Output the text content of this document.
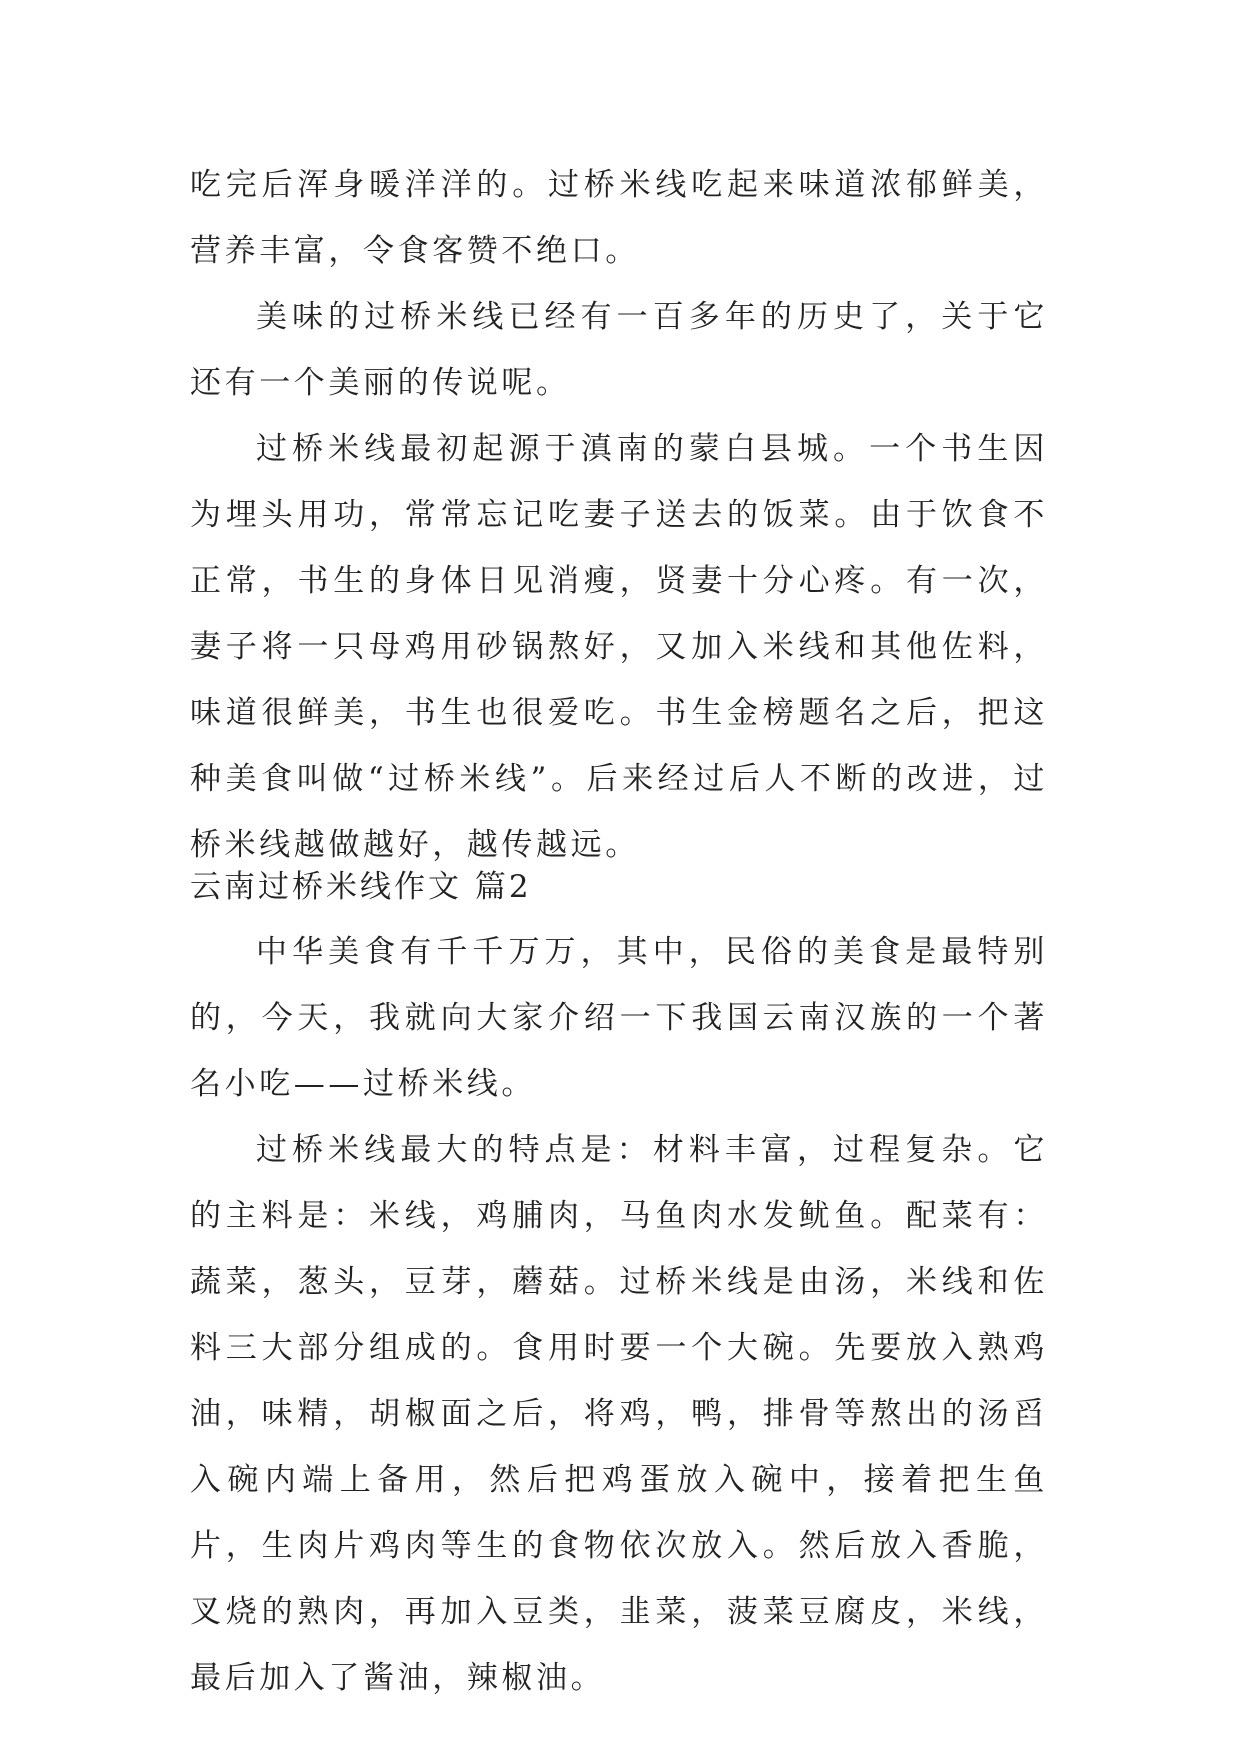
吃完后浑身暖洋洋的。过桥米线吃起来味道浓郁鲜美，营养丰富，令食客赞不绝口。

美味的过桥米线已经有一百多年的历史了，关于它还有一个美丽的传说呢。

过桥米线最初起源于滇南的蒙白县城。一个书生因为埋头用功，常常忘记吃妻子送去的饭菜。由于饮食不正常，书生的身体日见消瘦，贤妻十分心疼。有一次，妻子将一只母鸡用砂锅熬好，又加入米线和其他佐料，味道很鲜美，书生也很爱吃。书生金榜题名之后，把这种美食叫做“过桥米线”。后来经过后人不断的改进，过桥米线越做越好，越传越远。

云南过桥米线作文 篇2

中华美食有千千万万，其中，民俗的美食是最特别的，今天，我就向大家介绍一下我国云南汉族的一个著名小吃——过桥米线。

过桥米线最大的特点是：材料丰富，过程复杂。它的主料是：米线，鸡脯肉，马鱼肉水发鱿鱼。配菜有：蔬菜，葱头，豆芽，蘑菇。过桥米线是由汤，米线和佐料三大部分组成的。食用时要一个大碗。先要放入熟鸡油，味精，胡椒面之后，将鸡，鸭，排骨等熬出的汤舀入碗内端上备用，然后把鸡蛋放入碗中，接着把生鱼片，生肉片鸡肉等生的食物依次放入。然后放入香脆，叉烧的熟肉，再加入豆类，韭菜，菠菜豆腐皮，米线，最后加入了酱油，辣椒油。
